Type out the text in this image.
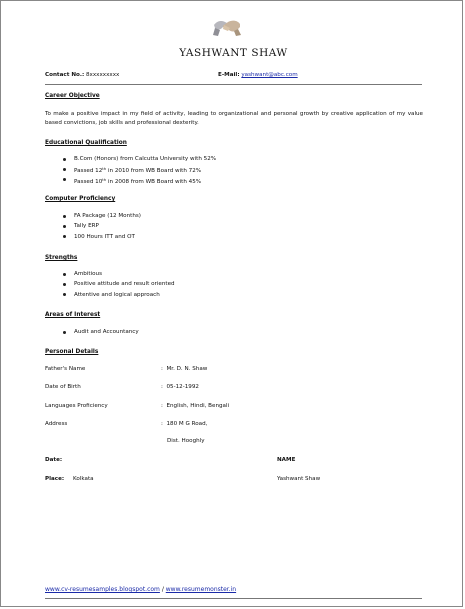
YASHWANT SHAW
Contact No.: 8xxxxxxxxx	E-Mail: yashwant@abc.com
Career Objective
To make a positive impact in my field of activity, leading to organizational and personal growth by creative application of my value based convictions, job skills and professional dexterity.
Educational Qualification
B.Com (Honors) from Calcutta University with 52%
Passed 12th in 2010 from WB Board with 72%
Passed 10th in 2008 from WB Board with 45%
Computer Proficiency
FA Package (12 Months)
Tally ERP
100 Hours ITT and OT
Strengths
Ambitious
Positive attitude and result oriented
Attentive and logical approach
Areas of Interest
Audit and Accountancy
Personal Details
Father's Name	: Mr. D. N. Shaw
Date of Birth	: 05-12-1992
Languages Proficiency	: English, Hindi, Bengali
Address	: 180 M G Road,
Dist. Hooghly
Date:	NAME
Place: Kolkata	Yashwant Shaw
www.cv-resumesamples.blogspot.com / www.resumemonster.in
